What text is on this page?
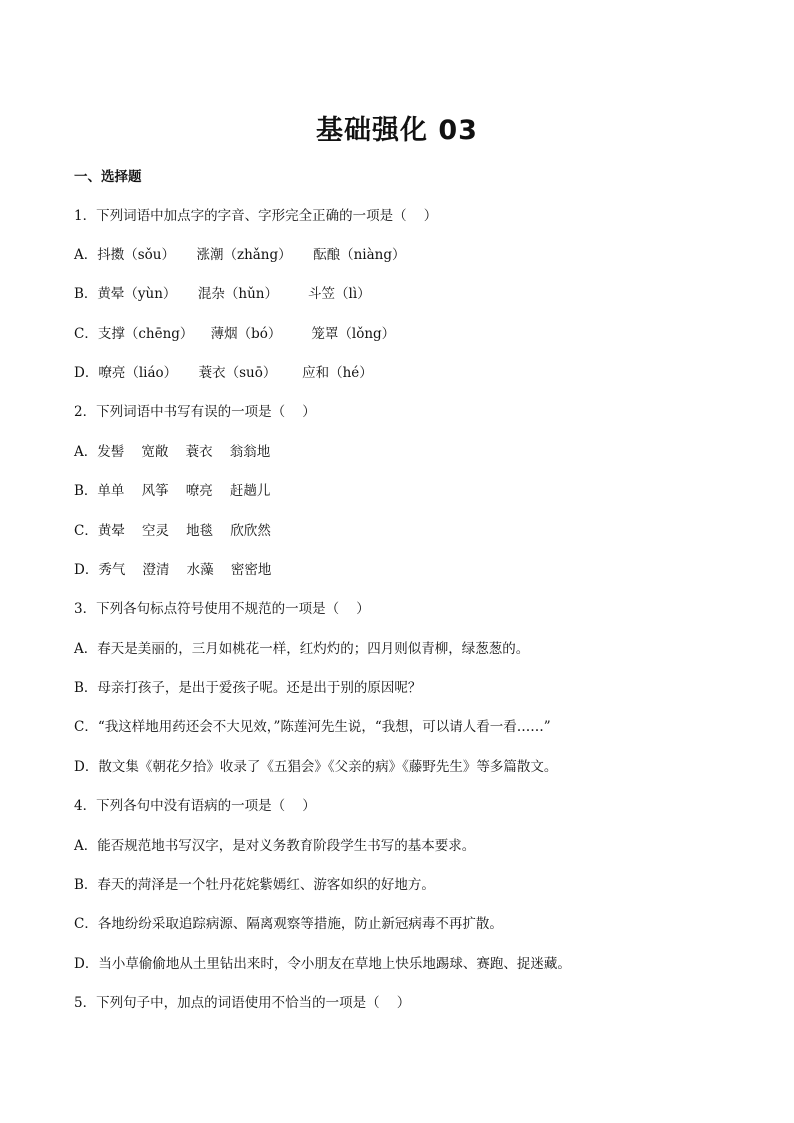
基础强化 03
一、选择题
1．下列词语中加点字的字音、字形完全正确的一项是（    ）
A．抖擞（sǒu）     涨潮（zhǎng）     酝酿（niàng）
B．黄晕（yùn）     混杂（hǔn）       斗笠（lì）
C．支撑（chēng）    薄烟（bó）       笼罩（lǒng）
D．嘹亮（liáo）     蓑衣（suō）      应和（hé）
2．下列词语中书写有误的一项是（    ）
A．发髻    宽敞    蓑衣    翁翁地
B．单单    风筝    嘹亮    赶趟儿
C．黄晕    空灵    地毯    欣欣然
D．秀气    澄清    水藻    密密地
3．下列各句标点符号使用不规范的一项是（    ）
A．春天是美丽的，三月如桃花一样，红灼灼的；四月则似青柳，绿葱葱的。
B．母亲打孩子，是出于爱孩子呢。还是出于别的原因呢？
C．“我这样地用药还会不大见效，”陈莲河先生说，“我想，可以请人看一看……”
D．散文集《朝花夕拾》收录了《五猖会》《父亲的病》《藤野先生》等多篇散文。
4．下列各句中没有语病的一项是（    ）
A．能否规范地书写汉字，是对义务教育阶段学生书写的基本要求。
B．春天的菏泽是一个牡丹花姹紫嫣红、游客如织的好地方。
C．各地纷纷采取追踪病源、隔离观察等措施，防止新冠病毒不再扩散。
D．当小草偷偷地从土里钻出来时，令小朋友在草地上快乐地踢球、赛跑、捉迷藏。
5．下列句子中，加点的词语使用不恰当的一项是（    ）
